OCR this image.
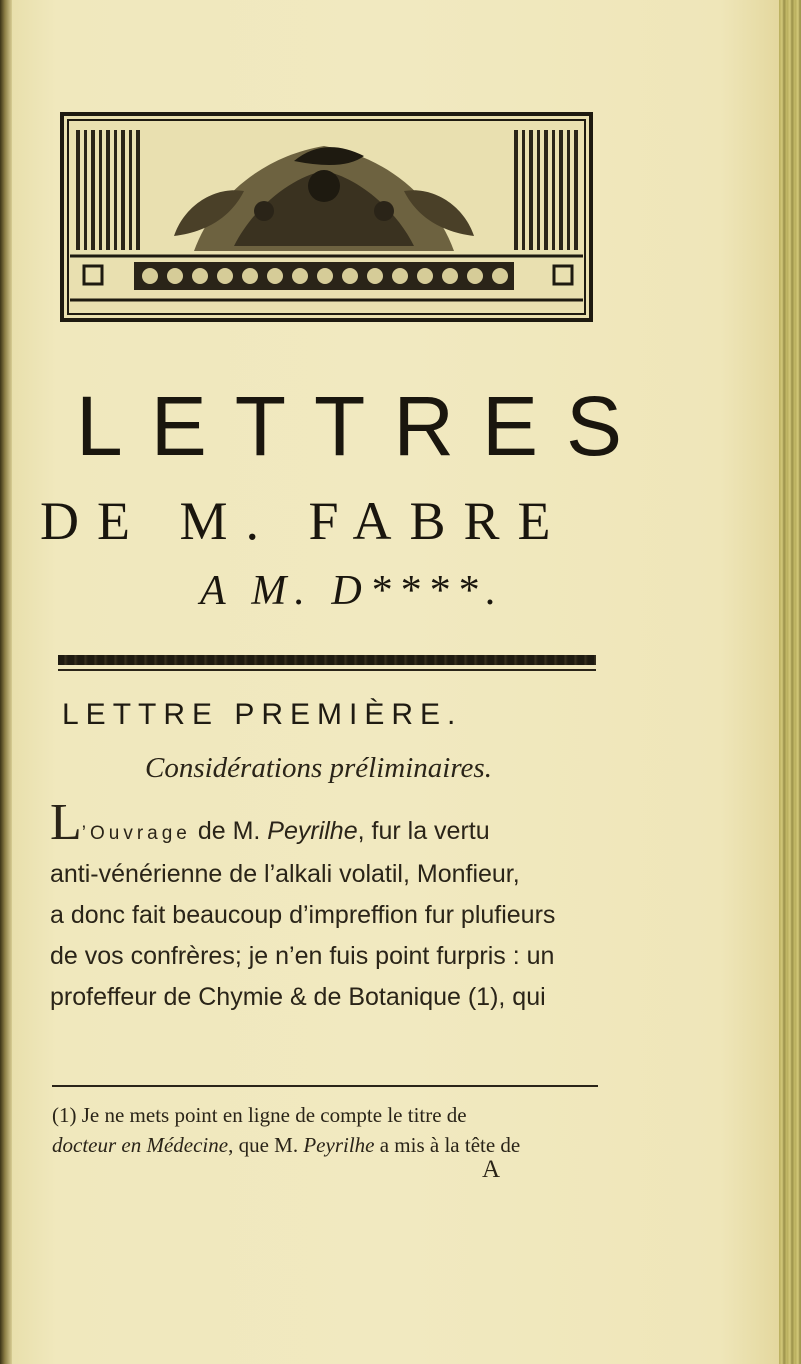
LETTRES
DE M. FABRE
A M. D****.
LETTRE PREMIÈRE.
Considérations préliminaires.
L’Ouvrage de M. Peyrilhe, fur la vertu
anti-vénérienne de l’alkali volatil, Monfieur,
a donc fait beaucoup d’impreffion fur plufieurs
de vos confrères; je n’en fuis point furpris : un
profeffeur de Chymie & de Botanique (1), qui
(1) Je ne mets point en ligne de compte le titre de
docteur en Médecine, que M. Peyrilhe a mis à la tête de
A
